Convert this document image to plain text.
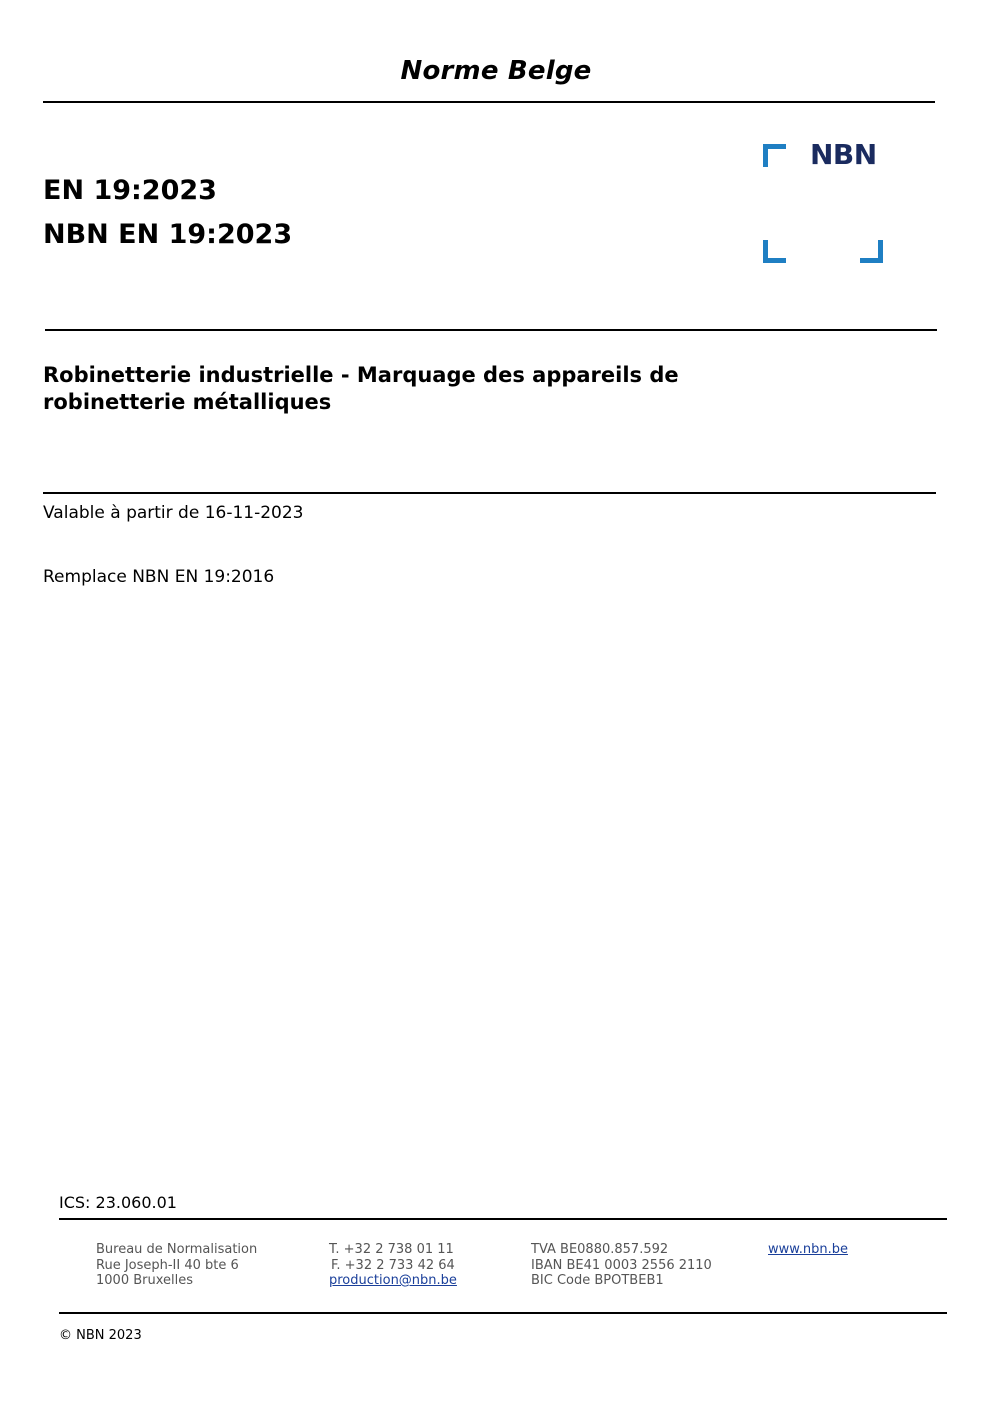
Norme Belge
EN 19:2023
NBN EN 19:2023
NBN
Robinetterie industrielle - Marquage des appareils de robinetterie métalliques
Valable à partir de 16-11-2023
Remplace NBN EN 19:2016
ICS: 23.060.01
Bureau de Normalisation
Rue Joseph-II 40 bte 6
1000 Bruxelles
T. +32 2 738 01 11
F. +32 2 733 42 64
production@nbn.be
TVA BE0880.857.592
IBAN BE41 0003 2556 2110
BIC Code BPOTBEB1
www.nbn.be
© NBN 2023
